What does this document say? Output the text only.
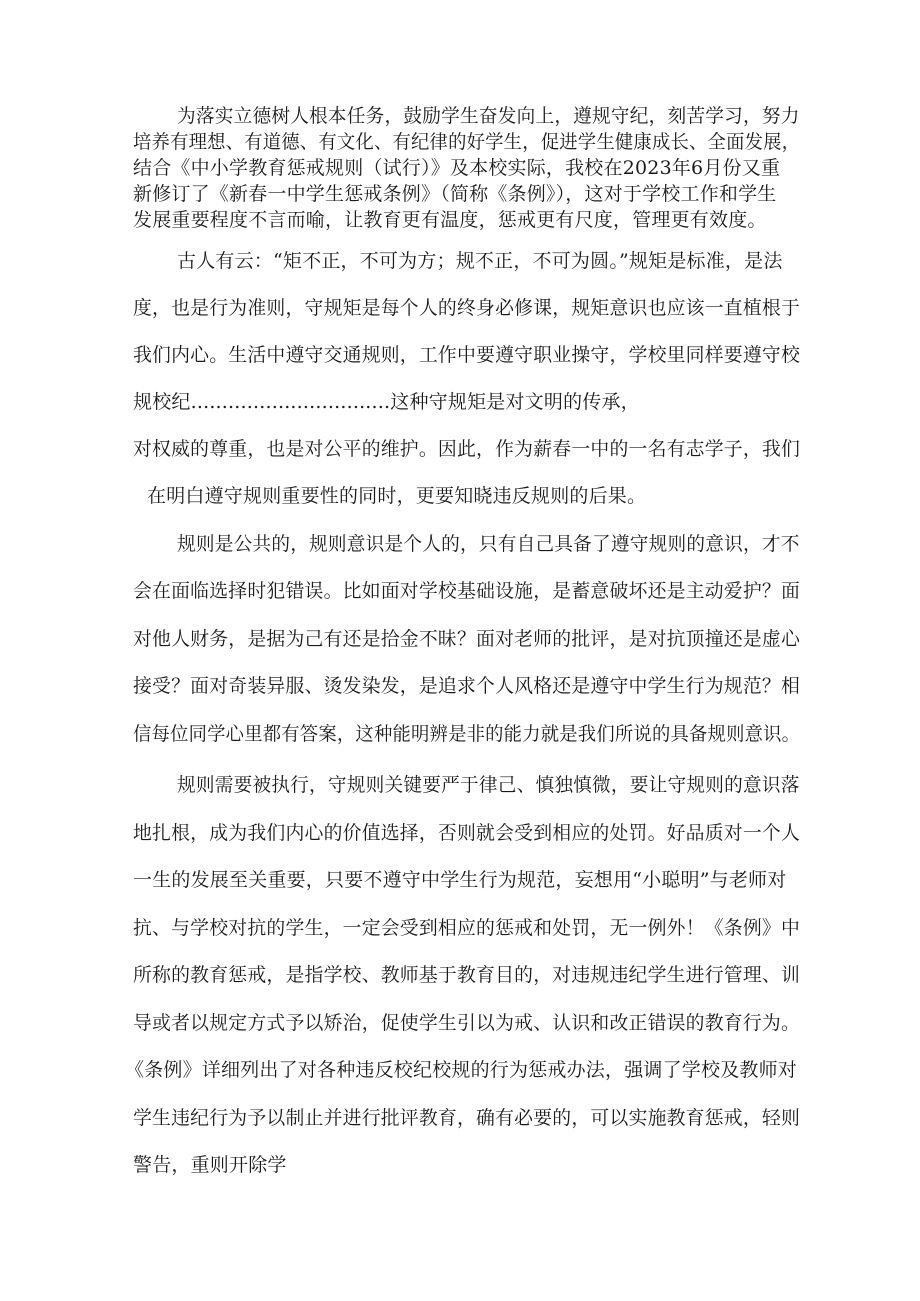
为落实立德树人根本任务，鼓励学生奋发向上，遵规守纪，刻苦学习，努力
培养有理想、有道德、有文化、有纪律的好学生，促进学生健康成长、全面发展，
结合《中小学教育惩戒规则（试行）》及本校实际，我校在2023年6月份又重
新修订了《新春一中学生惩戒条例》（简称《条例》），这对于学校工作和学生
发展重要程度不言而喻，让教育更有温度，惩戒更有尺度，管理更有效度。
古人有云：“矩不正，不可为方；规不正，不可为圆。”规矩是标准，是法
度，也是行为准则，守规矩是每个人的终身必修课，规矩意识也应该一直植根于
我们内心。生活中遵守交通规则，工作中要遵守职业操守，学校里同样要遵守校
规校纪................................这种守规矩是对文明的传承，
对权威的尊重，也是对公平的维护。因此，作为薪春一中的一名有志学子，我们
在明白遵守规则重要性的同时，更要知晓违反规则的后果。
规则是公共的，规则意识是个人的，只有自己具备了遵守规则的意识，才不
会在面临选择时犯错误。比如面对学校基础设施，是蓄意破坏还是主动爱护？面
对他人财务，是据为己有还是拾金不昧？面对老师的批评，是对抗顶撞还是虚心
接受？面对奇装异服、烫发染发，是追求个人风格还是遵守中学生行为规范？相
信每位同学心里都有答案，这种能明辨是非的能力就是我们所说的具备规则意识。
规则需要被执行，守规则关键要严于律己、慎独慎微，要让守规则的意识落
地扎根，成为我们内心的价值选择，否则就会受到相应的处罚。好品质对一个人
一生的发展至关重要，只要不遵守中学生行为规范，妄想用“小聪明”与老师对
抗、与学校对抗的学生，一定会受到相应的惩戒和处罚，无一例外！《条例》中
所称的教育惩戒，是指学校、教师基于教育目的，对违规违纪学生进行管理、训
导或者以规定方式予以矫治，促使学生引以为戒、认识和改正错误的教育行为。
《条例》详细列出了对各种违反校纪校规的行为惩戒办法，强调了学校及教师对
学生违纪行为予以制止并进行批评教育，确有必要的，可以实施教育惩戒，轻则
警告，重则开除学
